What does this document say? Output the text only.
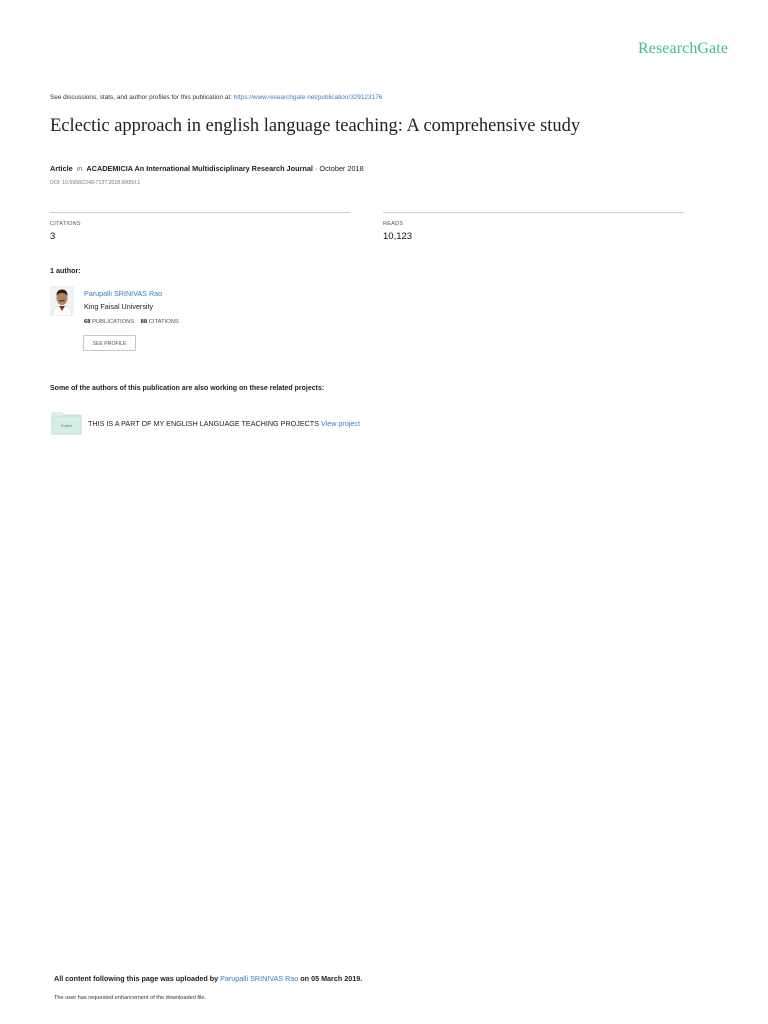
ResearchGate
See discussions, stats, and author profiles for this publication at: https://www.researchgate.net/publication/329123176
Eclectic approach in english language teaching: A comprehensive study
Article in ACADEMICIA An International Multidisciplinary Research Journal · October 2018
DOI: 10.5958/2249-7137.2018.00050.1
CITATIONS
3
READS
10,123
1 author:
Parupalli SRINIVAS Rao
King Faisal University
68 PUBLICATIONS 88 CITATIONS
SEE PROFILE
Some of the authors of this publication are also working on these related projects:
Project THIS IS A PART OF MY ENGLISH LANGUAGE TEACHING PROJECTS View project
All content following this page was uploaded by Parupalli SRINIVAS Rao on 05 March 2019.
The user has requested enhancement of the downloaded file.
